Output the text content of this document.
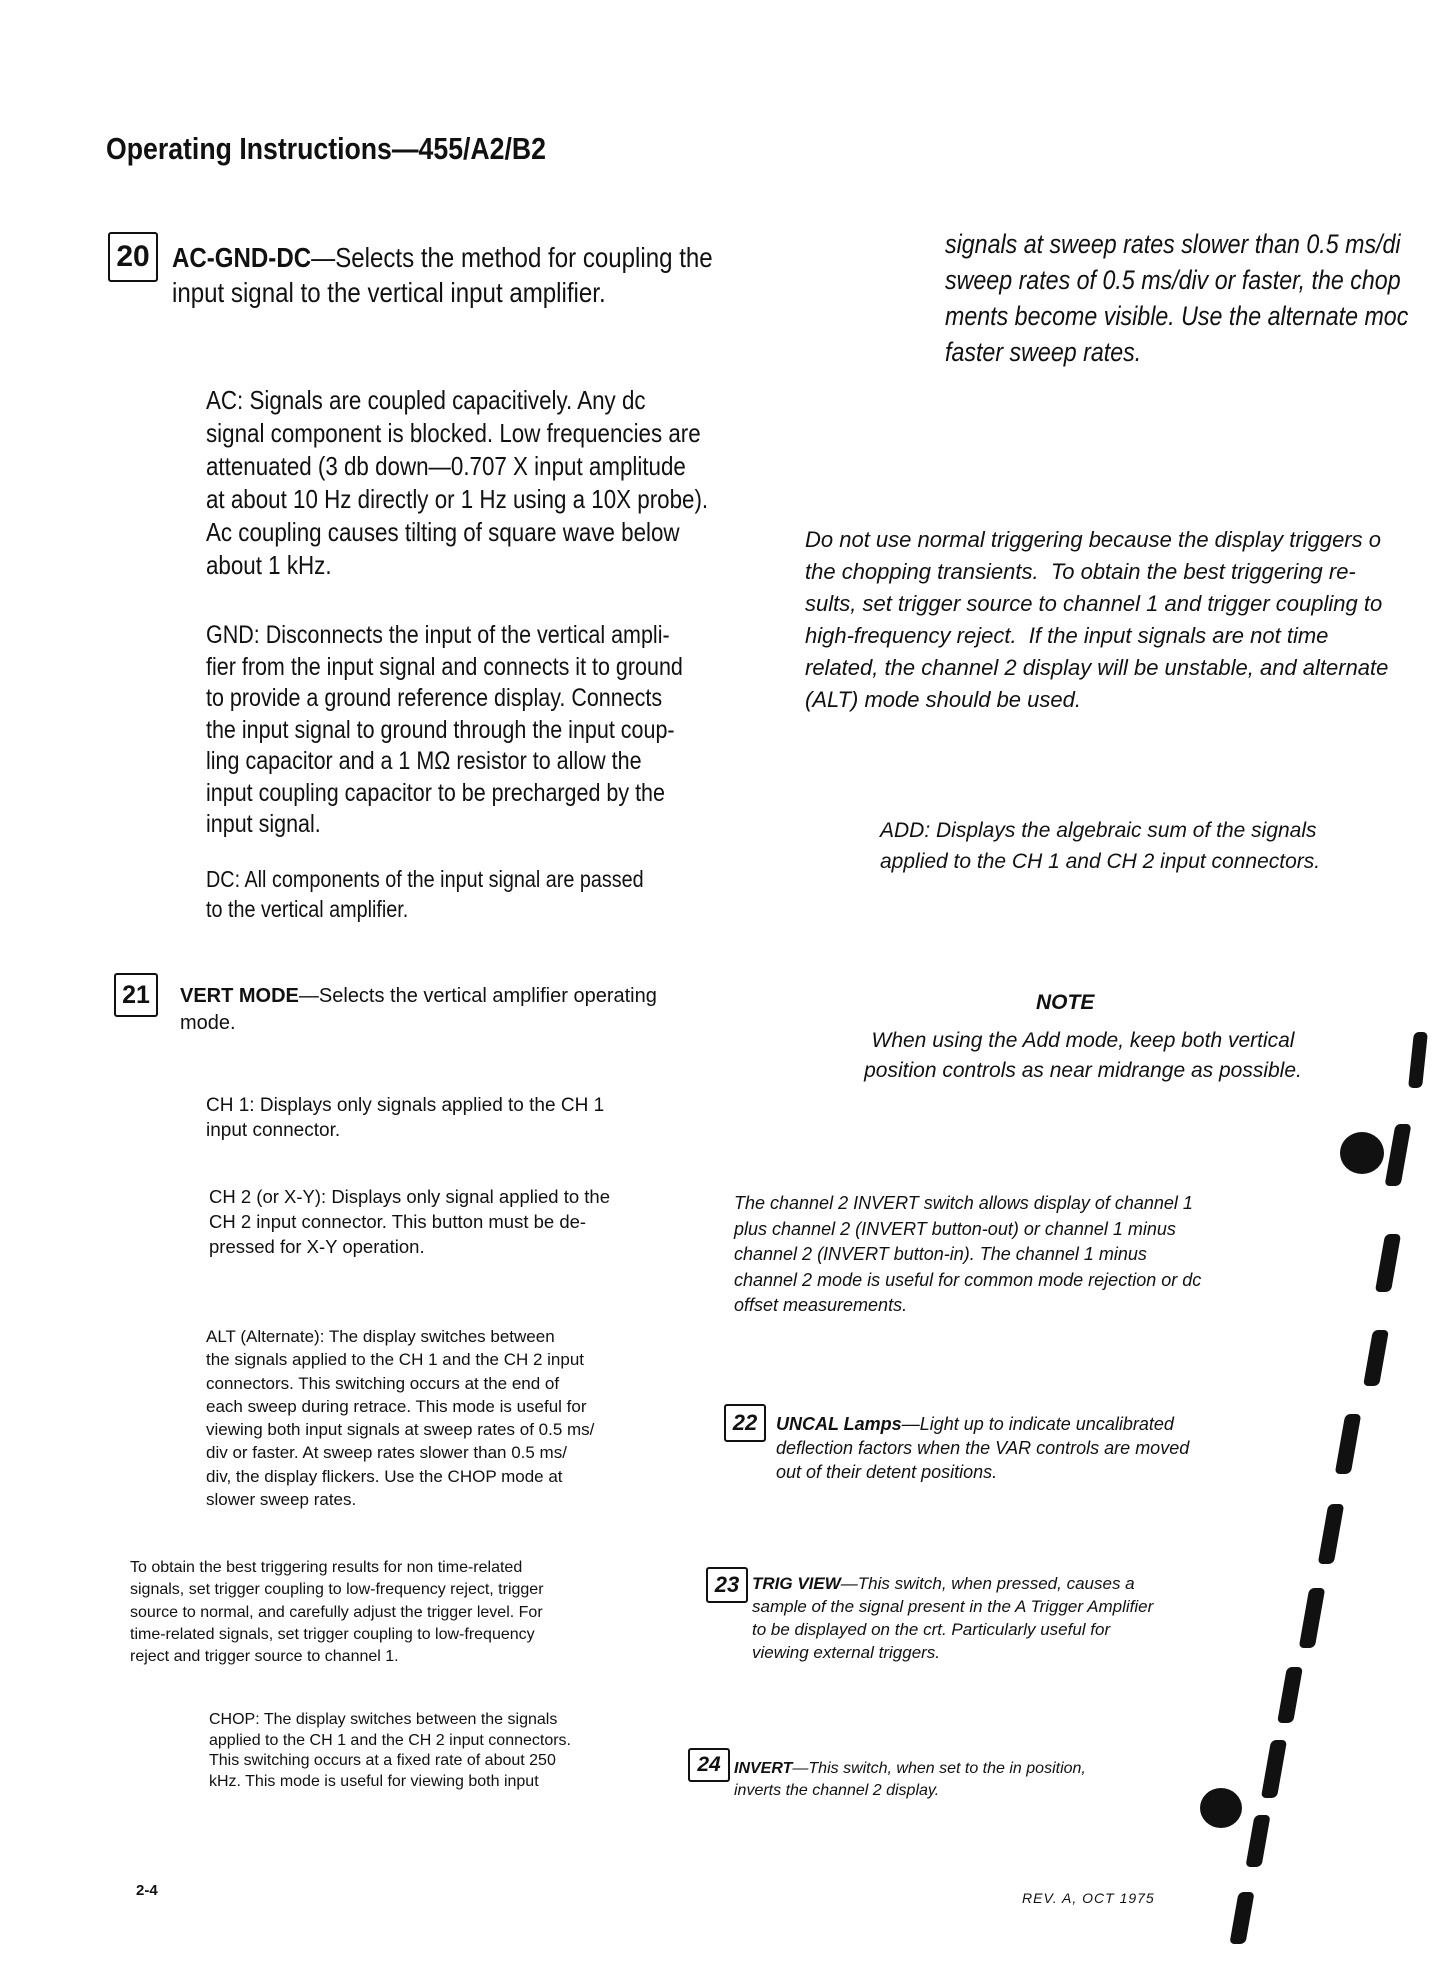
Operating Instructions—455/A2/B2
20 AC-GND-DC—Selects the method for coupling the
input signal to the vertical input amplifier.
AC: Signals are coupled capacitively. Any dc
signal component is blocked. Low frequencies are
attenuated (3 db down—0.707 X input amplitude
at about 10 Hz directly or 1 Hz using a 10X probe).
Ac coupling causes tilting of square wave below
about 1 kHz.
GND: Disconnects the input of the vertical ampli-
fier from the input signal and connects it to ground
to provide a ground reference display. Connects
the input signal to ground through the input coup-
ling capacitor and a 1 MΩ resistor to allow the
input coupling capacitor to be precharged by the
input signal.
DC: All components of the input signal are passed
to the vertical amplifier.
21	VERT MODE—Selects the vertical amplifier operating
mode.
CH 1: Displays only signals applied to the CH 1
input connector.
CH 2 (or X-Y): Displays only signal applied to the
CH 2 input connector. This button must be de-
pressed for X-Y operation.
ALT (Alternate): The display switches between
the signals applied to the CH 1 and the CH 2 input
connectors. This switching occurs at the end of
each sweep during retrace. This mode is useful for
viewing both input signals at sweep rates of 0.5 ms/
div or faster. At sweep rates slower than 0.5 ms/
div, the display flickers. Use the CHOP mode at
slower sweep rates.
To obtain the best triggering results for non time-related
signals, set trigger coupling to low-frequency reject, trigger
source to normal, and carefully adjust the trigger level. For
time-related signals, set trigger coupling to low-frequency
reject and trigger source to channel 1.
CHOP: The display switches between the signals
applied to the CH 1 and the CH 2 input connectors.
This switching occurs at a fixed rate of about 250
kHz. This mode is useful for viewing both input
signals at sweep rates slower than 0.5 ms/di
sweep rates of 0.5 ms/div or faster, the chop
ments become visible. Use the alternate moc
faster sweep rates.
Do not use normal triggering because the display triggers o
the chopping transients.  To obtain the best triggering re-
sults, set trigger source to channel 1 and trigger coupling to
high-frequency reject.  If the input signals are not time
related, the channel 2 display will be unstable, and alternate
(ALT) mode should be used.
ADD: Displays the algebraic sum of the signals
applied to the CH 1 and CH 2 input connectors.
NOTE
When using the Add mode, keep both vertical
position controls as near midrange as possible.
The channel 2 INVERT switch allows display of channel 1
plus channel 2 (INVERT button-out) or channel 1 minus
channel 2 (INVERT button-in). The channel 1 minus
channel 2 mode is useful for common mode rejection or dc
offset measurements.
22	UNCAL Lamps—Light up to indicate uncalibrated
deflection factors when the VAR controls are moved
out of their detent positions.
23 TRIG VIEW—This switch, when pressed, causes a
sample of the signal present in the A Trigger Amplifier
to be displayed on the crt. Particularly useful for
viewing external triggers.
24 INVERT—This switch, when set to the in position,
inverts the channel 2 display.
2-4	REV. A, OCT 1975
